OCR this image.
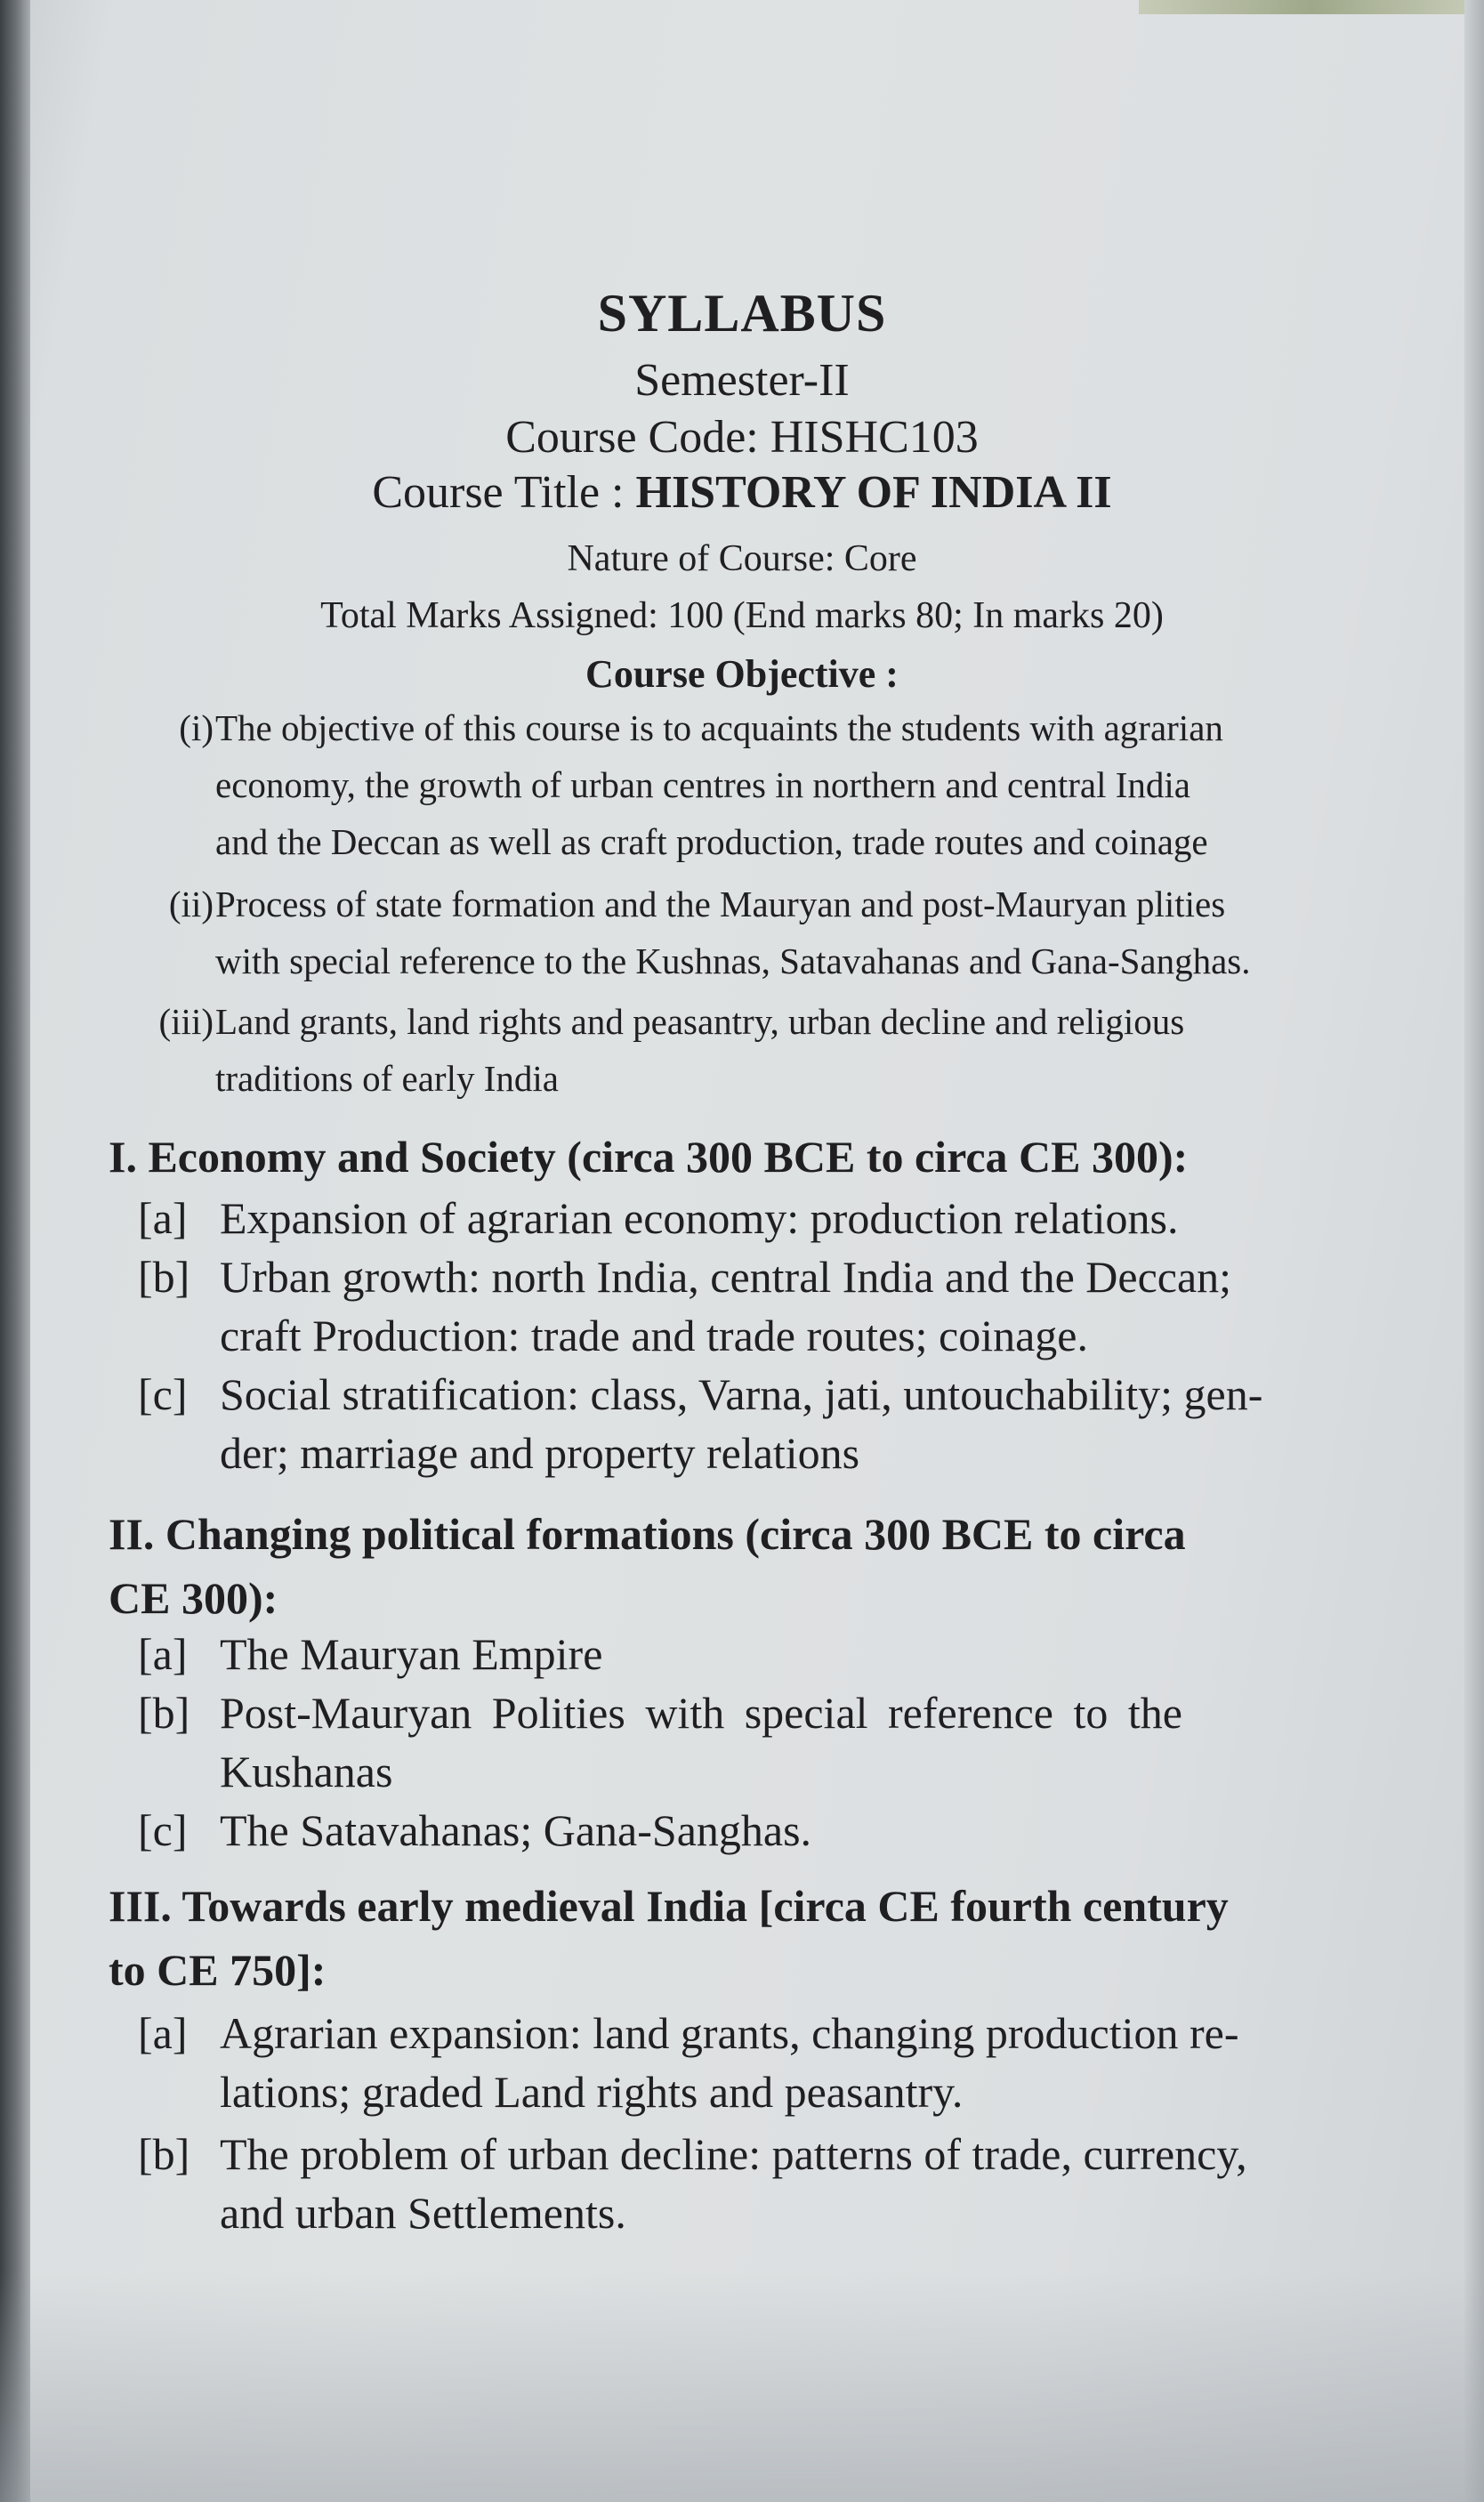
SYLLABUS
Semester-II
Course Code: HISHC103
Course Title : HISTORY OF INDIA II
Nature of Course: Core
Total Marks Assigned: 100 (End marks 80; In marks 20)
Course Objective :
(i) The objective of this course is to acquaints the students with agrarian
economy, the growth of urban centres in northern and central India
and the Deccan as well as craft production, trade routes and coinage
(ii) Process of state formation and the Mauryan and post-Mauryan plities
with special reference to the Kushnas, Satavahanas and Gana-Sanghas.
(iii) Land grants, land rights and peasantry, urban decline and religious
traditions of early India
I. Economy and Society (circa 300 BCE to circa CE 300):
[a] Expansion of agrarian economy: production relations.
[b] Urban growth: north India, central India and the Deccan;
craft Production: trade and trade routes; coinage.
[c] Social stratification: class, Varna, jati, untouchability; gen-
der; marriage and property relations
II. Changing political formations (circa 300 BCE to circa
CE 300):
[a] The Mauryan Empire
[b] Post-Mauryan Polities with special reference to the
Kushanas
[c] The Satavahanas; Gana-Sanghas.
III. Towards early medieval India [circa CE fourth century
to CE 750]:
[a] Agrarian expansion: land grants, changing production re-
lations; graded Land rights and peasantry.
[b] The problem of urban decline: patterns of trade, currency,
and urban Settlements.
